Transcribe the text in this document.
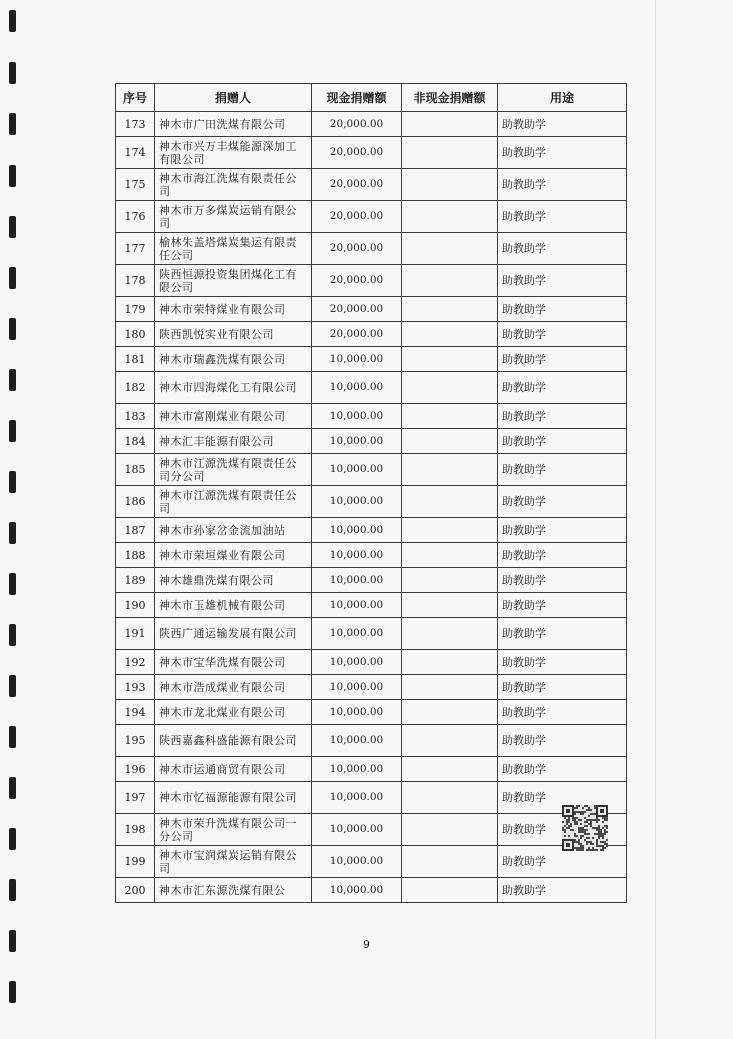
序号	捐赠人	现金捐赠额	非现金捐赠额	用途
173	神木市广田洗煤有限公司	20,000.00		助教助学
174	神木市兴万丰煤能源深加工有限公司	20,000.00		助教助学
175	神木市海江洗煤有限责任公司	20,000.00		助教助学
176	神木市万多煤炭运销有限公司	20,000.00		助教助学
177	榆林朱盖塔煤炭集运有限责任公司	20,000.00		助教助学
178	陕西恒源投资集团煤化工有限公司	20,000.00		助教助学
179	神木市荣特煤业有限公司	20,000.00		助教助学
180	陕西凯悦实业有限公司	20,000.00		助教助学
181	神木市瑞鑫洗煤有限公司	10,000.00		助教助学
182	神木市四海煤化工有限公司	10,000.00		助教助学
183	神木市富刚煤业有限公司	10,000.00		助教助学
184	神木汇丰能源有限公司	10,000.00		助教助学
185	神木市江源洗煤有限责任公司分公司	10,000.00		助教助学
186	神木市江源洗煤有限责任公司	10,000.00		助教助学
187	神木市孙家岔金流加油站	10,000.00		助教助学
188	神木市荣垣煤业有限公司	10,000.00		助教助学
189	神木雄鼎洗煤有限公司	10,000.00		助教助学
190	神木市玉雄机械有限公司	10,000.00		助教助学
191	陕西广通运输发展有限公司	10,000.00		助教助学
192	神木市宝华洗煤有限公司	10,000.00		助教助学
193	神木市浩成煤业有限公司	10,000.00		助教助学
194	神木市龙北煤业有限公司	10,000.00		助教助学
195	陕西嘉鑫科盛能源有限公司	10,000.00		助教助学
196	神木市运通商贸有限公司	10,000.00		助教助学
197	神木市忆福源能源有限公司	10,000.00		助教助学
198	神木市荣升洗煤有限公司一分公司	10,000.00		助教助学
199	神木市宝润煤炭运销有限公司	10,000.00		助教助学
200	神木市汇东源洗煤有限公	10,000.00		助教助学
9
